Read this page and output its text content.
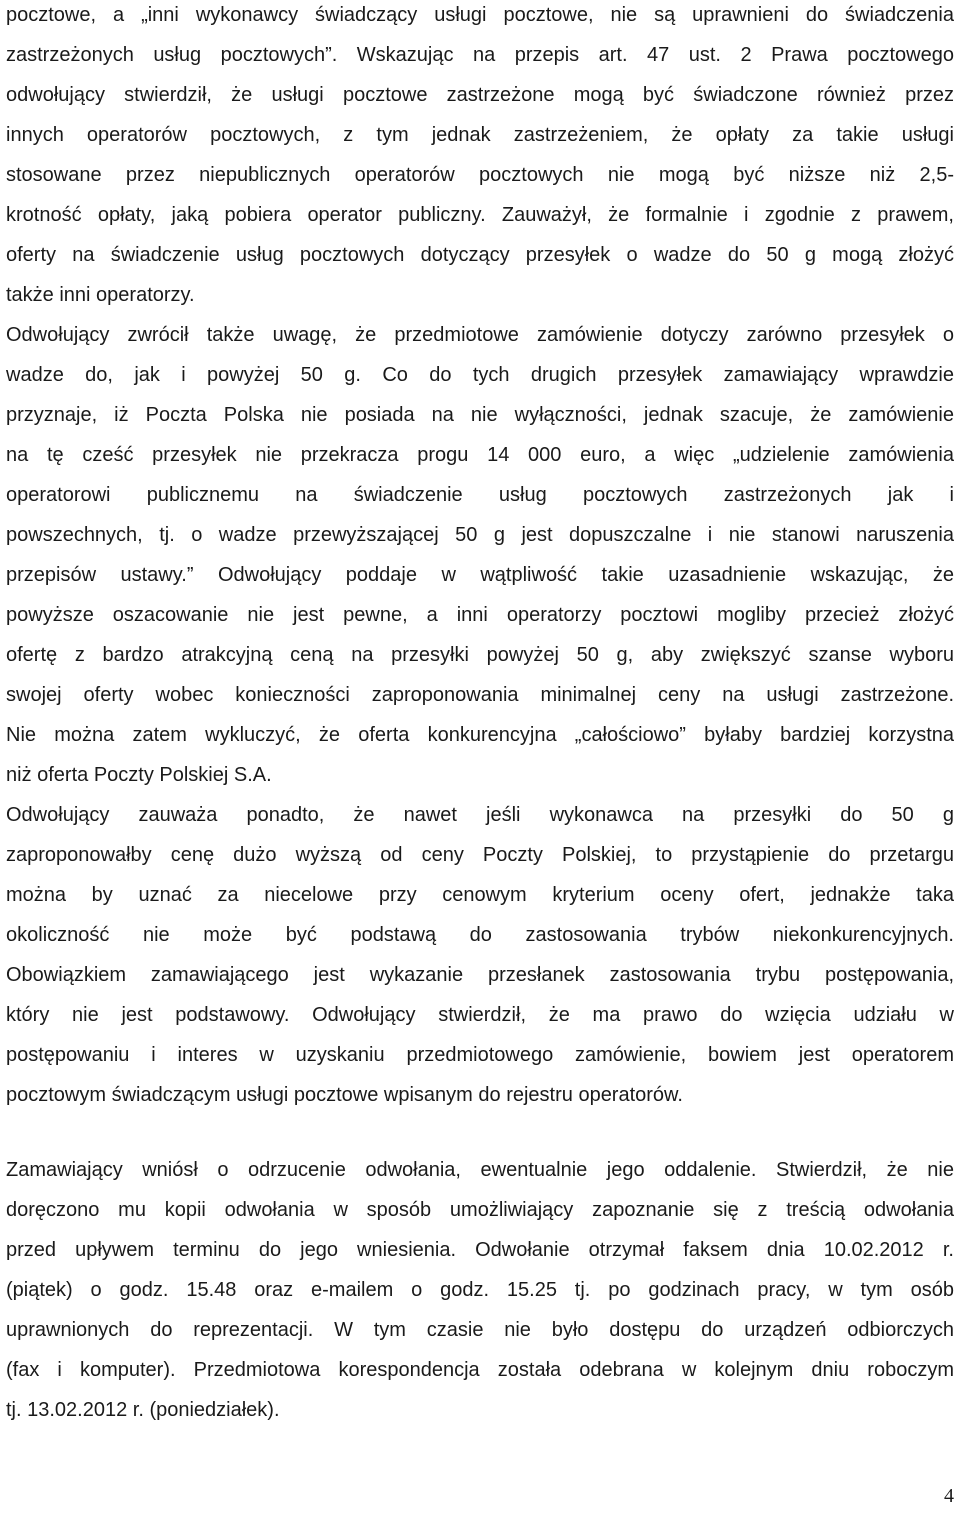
pocztowe, a „inni wykonawcy świadczący usługi pocztowe, nie są uprawnieni do świadczenia
zastrzeżonych usług pocztowych”. Wskazując na przepis art. 47 ust. 2 Prawa pocztowego
odwołujący stwierdził, że usługi pocztowe zastrzeżone mogą być świadczone również przez
innych operatorów pocztowych, z tym jednak zastrzeżeniem, że opłaty za takie usługi
stosowane przez niepublicznych operatorów pocztowych nie mogą być niższe niż 2,5-
krotność opłaty, jaką pobiera operator publiczny. Zauważył, że formalnie i zgodnie z prawem,
oferty na świadczenie usług pocztowych dotyczący przesyłek o wadze do 50 g mogą złożyć
także inni operatorzy.
Odwołujący zwrócił także uwagę, że przedmiotowe zamówienie dotyczy zarówno przesyłek o
wadze do, jak i powyżej 50 g. Co do tych drugich przesyłek zamawiający wprawdzie
przyznaje, iż Poczta Polska nie posiada na nie wyłączności, jednak szacuje, że zamówienie
na tę cześć przesyłek nie przekracza progu 14 000 euro, a więc „udzielenie zamówienia
operatorowi publicznemu na świadczenie usług pocztowych zastrzeżonych jak i
powszechnych, tj. o wadze przewyższającej 50 g jest dopuszczalne i nie stanowi naruszenia
przepisów ustawy.” Odwołujący poddaje w wątpliwość takie uzasadnienie wskazując, że
powyższe oszacowanie nie jest pewne, a inni operatorzy pocztowi mogliby przecież złożyć
ofertę z bardzo atrakcyjną ceną na przesyłki powyżej 50 g, aby zwiększyć szanse wyboru
swojej oferty wobec konieczności zaproponowania minimalnej ceny na usługi zastrzeżone.
Nie można zatem wykluczyć, że oferta konkurencyjna „całościowo” byłaby bardziej korzystna
niż oferta Poczty Polskiej S.A.
Odwołujący zauważa ponadto, że nawet jeśli wykonawca na przesyłki do 50 g
zaproponowałby cenę dużo wyższą od ceny Poczty Polskiej, to przystąpienie do przetargu
można by uznać za niecelowe przy cenowym kryterium oceny ofert, jednakże taka
okoliczność nie może być podstawą do zastosowania trybów niekonkurencyjnych.
Obowiązkiem zamawiającego jest wykazanie przesłanek zastosowania trybu postępowania,
który nie jest podstawowy. Odwołujący stwierdził, że ma prawo do wzięcia udziału w
postępowaniu i interes w uzyskaniu przedmiotowego zamówienie, bowiem jest operatorem
pocztowym świadczącym usługi pocztowe wpisanym do rejestru operatorów.
Zamawiający wniósł o odrzucenie odwołania, ewentualnie jego oddalenie. Stwierdził, że nie
doręczono mu kopii odwołania w sposób umożliwiający zapoznanie się z treścią odwołania
przed upływem terminu do jego wniesienia. Odwołanie otrzymał faksem dnia 10.02.2012 r.
(piątek) o godz. 15.48 oraz e-mailem o godz. 15.25 tj. po godzinach pracy, w tym osób
uprawnionych do reprezentacji. W tym czasie nie było dostępu do urządzeń odbiorczych
(fax i komputer). Przedmiotowa korespondencja została odebrana w kolejnym dniu roboczym
tj. 13.02.2012 r. (poniedziałek).
4
